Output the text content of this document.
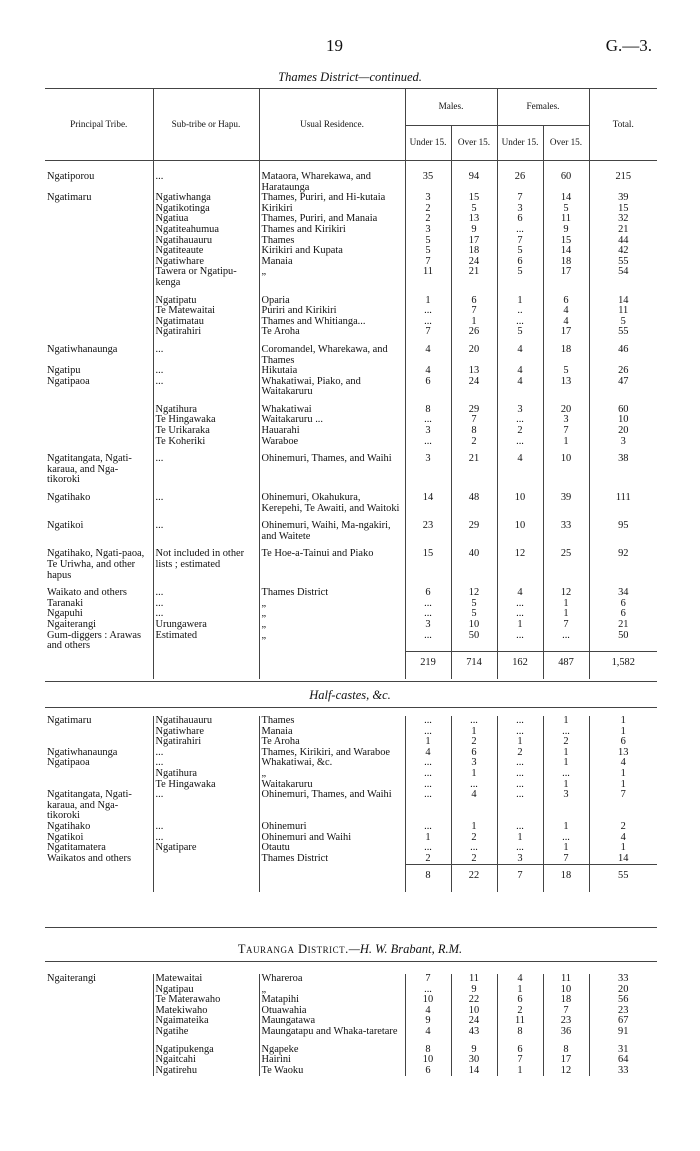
19	G.—3.
Thames District—continued.
Principal Tribe.	Sub-tribe or Hapu.	Usual Residence.	Males.		Females.		Total.
			Under 15.	Over 15.	Under 15.	Over 15.	

Ngatiporou	...	Mataora, Wharekawa, and Harataunga	35	94	26	60	215
Ngatimaru	Ngatiwhanga	Thames, Puriri, and Hi-kutaia	3	15	7	14	39
	Ngatikotinga	Kirikiri	2	5	3	5	15
	Ngatiua	Thames, Puriri, and Manaia	2	13	6	11	32
	Ngatiteahumua	Thames and Kirikiri	3	9	...	9	21
	Ngatihauauru	Thames	5	17	7	15	44
	Ngatiteaute	Kirikiri and Kupata	5	18	5	14	42
	Ngatiwhare	Manaia	7	24	6	18	55
	Tawera or Ngatipu-kenga	„	11	21	5	17	54
	Ngatipatu	Oparia	1	6	1	6	14
	Te Matewaitai	Puriri and Kirikiri	...	7	..	4	11
	Ngatimatau	Thames and Whitianga...	...	1	...	4	5
	Ngatirahiri	Te Aroha	7	26	5	17	55
Ngatiwhanaunga	...	Coromandel, Wharekawa, and Thames	4	20	4	18	46
Ngatipu	...	Hikutaia	4	13	4	5	26
Ngatipaoa	...	Whakatiwai, Piako, and Waitakaruru	6	24	4	13	47
	Ngatihura	Whakatiwai	8	29	3	20	60
	Te Hingawaka	Waitakaruru ...	...	7	...	3	10
	Te Urikaraka	Hauarahi	3	8	2	7	20
	Te Koheriki	Waraboe	...	2	...	1	3
Ngatitangata, Ngati-karaua, and Nga-tikoroki	...	Ohinemuri, Thames, and Waihi	3	21	4	10	38
Ngatihako	...	Ohinemuri, Okahukura, Kerepehi, Te Awaiti, and Waitoki	14	48	10	39	111
Ngatikoi	...	Ohinemuri, Waihi, Ma-ngakiri, and Waitete	23	29	10	33	95
Ngatihako, Ngati-paoa, Te Uriwha, and other hapus	Not included in other lists ; estimated	Te Hoe-a-Tainui and Piako	15	40	12	25	92
Waikato and others	...	Thames District	6	12	4	12	34
Taranaki	...	„	...	5	...	1	6
Ngapuhi	...	„	...	5	...	1	6
Ngaiterangi	Urungawera	„	3	10	1	7	21
Gum-diggers : Arawas and others	Estimated	„	...	50	...	...	50
			219	714	162	487	1,582
Half-castes, &c.
Ngatimaru	Ngatihauauru	Thames	...	...	...	1	1
	Ngatiwhare	Manaia	...	1	...	...	1
	Ngatirahiri	Te Aroha	1	2	1	2	6
Ngatiwhanaunga	...	Thames, Kirikiri, and Waraboe	4	6	2	1	13
Ngatipaoa	...	Whakatiwai, &c.	...	3	...	1	4
	Ngatihura	„	...	1	...	...	1
	Te Hingawaka	Waitakaruru	...	...	...	1	1
Ngatitangata, Ngati-karaua, and Nga-tikoroki	...	Ohinemuri, Thames, and Waihi	...	4	...	3	7
Ngatihako	...	Ohinemuri	...	1	...	1	2
Ngatikoi	...	Ohinemuri and Waihi	1	2	1	...	4
Ngatitamatera	Ngatipare	Otautu	...	...	...	1	1
Waikatos and others		Thames District	2	2	3	7	14
			8	22	7	18	55
Tauranga District.—H. W. Brabant, R.M.
Ngaiterangi	Matewaitai	Whareroa	7	11	4	11	33
	Ngatipau	„	...	9	1	10	20
	Te Materawaho	Matapihi	10	22	6	18	56
	Matekiwaho	Otuawahia	4	10	2	7	23
	Ngaimateika	Maungatawa	9	24	11	23	67
	Ngatihe	Maungatapu and Whaka-taretare	4	43	8	36	91
	Ngatipukenga	Ngapeke	8	9	6	8	31
	Ngaitcahi	Hairini	10	30	7	17	64
	Ngatirehu	Te Waoku	6	14	1	12	33
